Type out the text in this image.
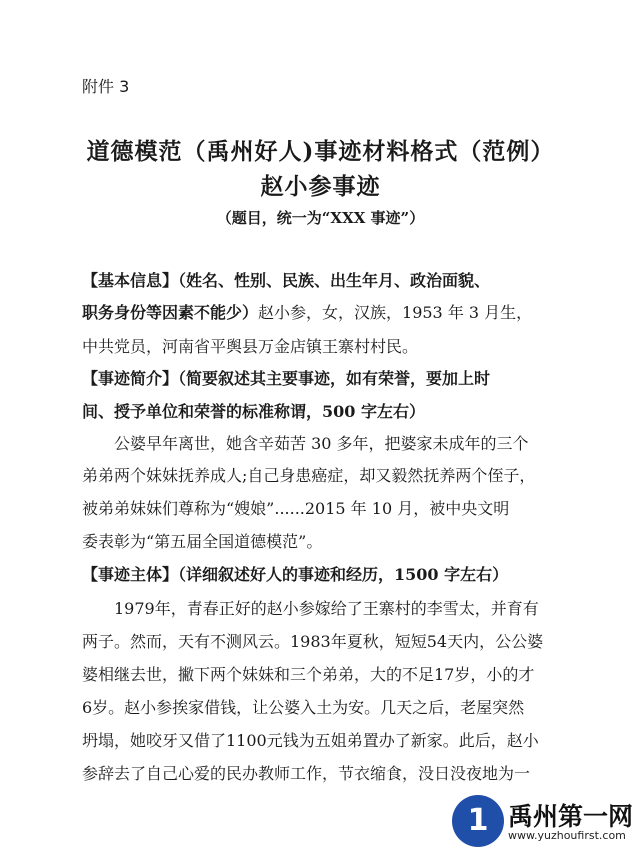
附件 3
道德模范（禹州好人)事迹材料格式（范例）
赵小参事迹
（题目，统一为“XXX 事迹”）
【基本信息】（姓名、性别、民族、出生年月、政治面貌、
职务身份等因素不能少）赵小参，女，汉族，1953 年 3 月生，
中共党员，河南省平舆县万金店镇王寨村村民。
【事迹简介】（简要叙述其主要事迹，如有荣誉，要加上时
间、授予单位和荣誉的标准称谓，500 字左右）
公婆早年离世，她含辛茹苦 30 多年，把婆家未成年的三个
弟弟两个妹妹抚养成人;自己身患癌症，却又毅然抚养两个侄子，
被弟弟妹妹们尊称为“嫂娘”......2015 年 10 月，被中央文明
委表彰为“第五届全国道德模范”。
【事迹主体】（详细叙述好人的事迹和经历，1500 字左右）
1979年，青春正好的赵小参嫁给了王寨村的李雪太，并育有
两子。然而，天有不测风云。1983年夏秋，短短54天内，公公婆
婆相继去世，撇下两个妹妹和三个弟弟，大的不足17岁，小的才
6岁。赵小参挨家借钱，让公婆入土为安。几天之后，老屋突然
坍塌，她咬牙又借了1100元钱为五姐弟置办了新家。此后，赵小
参辞去了自己心爱的民办教师工作，节衣缩食，没日没夜地为一
1 禹州第一网
www.yuzhoufirst.com
